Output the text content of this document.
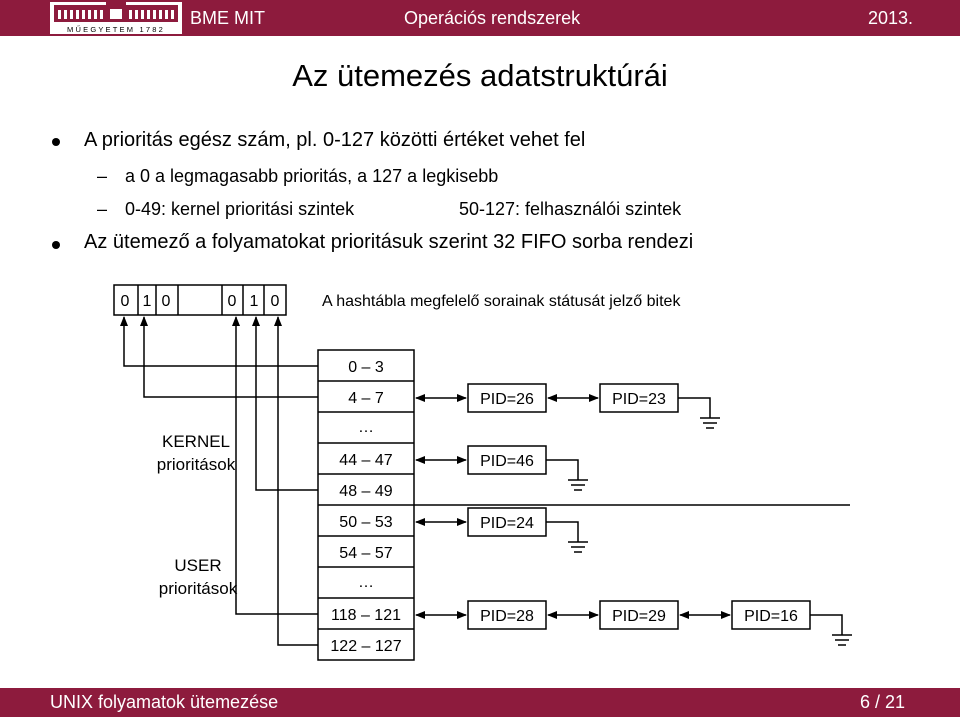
MŰEGYETEM 1782
BME MIT	Operációs rendszerek	2013.
Az ütemezés adatstruktúrái
A prioritás egész szám, pl. 0-127 közötti értéket vehet fel
– a 0 a legmagasabb prioritás, a 127 a legkisebb
– 0-49: kernel prioritási szintek	50-127: felhasználói szintek
Az ütemező a folyamatokat prioritásuk szerint 32 FIFO sorba rendezi
0 1 0	0 1 0	A hashtábla megfelelő sorainak státusát jelző bitek
0 – 3
4 – 7
…
44 – 47
48 – 49
50 – 53
54 – 57
…
118 – 121
122 – 127
KERNEL
prioritások
USER
prioritások
PID=26	PID=23
PID=46
PID=24
PID=28	PID=29	PID=16
UNIX folyamatok ütemezése	6 / 21
